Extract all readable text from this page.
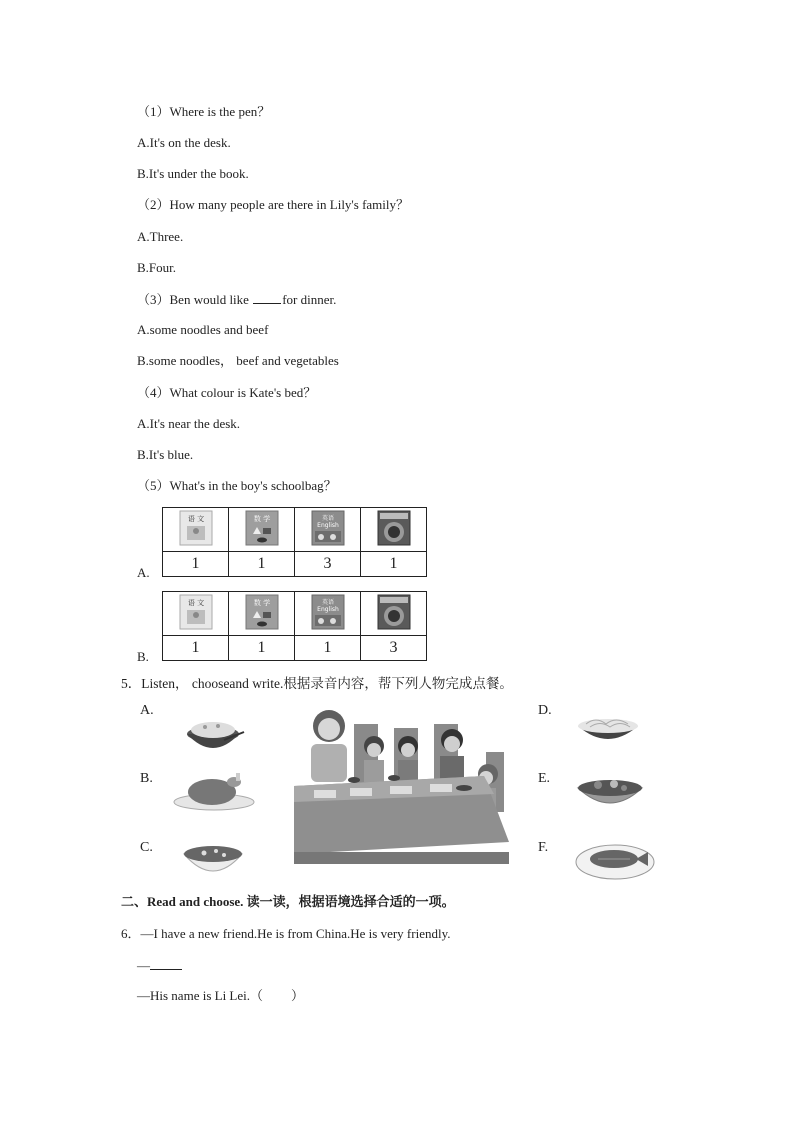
（1）Where is the pen？
A.It's on the desk.
B.It's under the book.
（2）How many people are there in Lily's family？
A.Three.
B.Four.
（3）Ben would like for dinner.
A.some noodles and beef
B.some noodles， beef and vegetables
（4）What colour is Kate's bed？
A.It's near the desk.
B.It's blue.
（5）What's in the boy's schoolbag？
语 文	数 学	英语
English

1	1	3	1
A.
语 文	数 学	英语
English

1	1	1	3
B.
5．Listen， chooseand write.根据录音内容，帮下列人物完成点餐。
A.
B.
C.
D.
E.
F.
二、Read and choose. 读一读，根据语境选择合适的一项。
6．—I have a new friend.He is from China.He is very friendly.
—
—His name is Li Lei.（ ）
